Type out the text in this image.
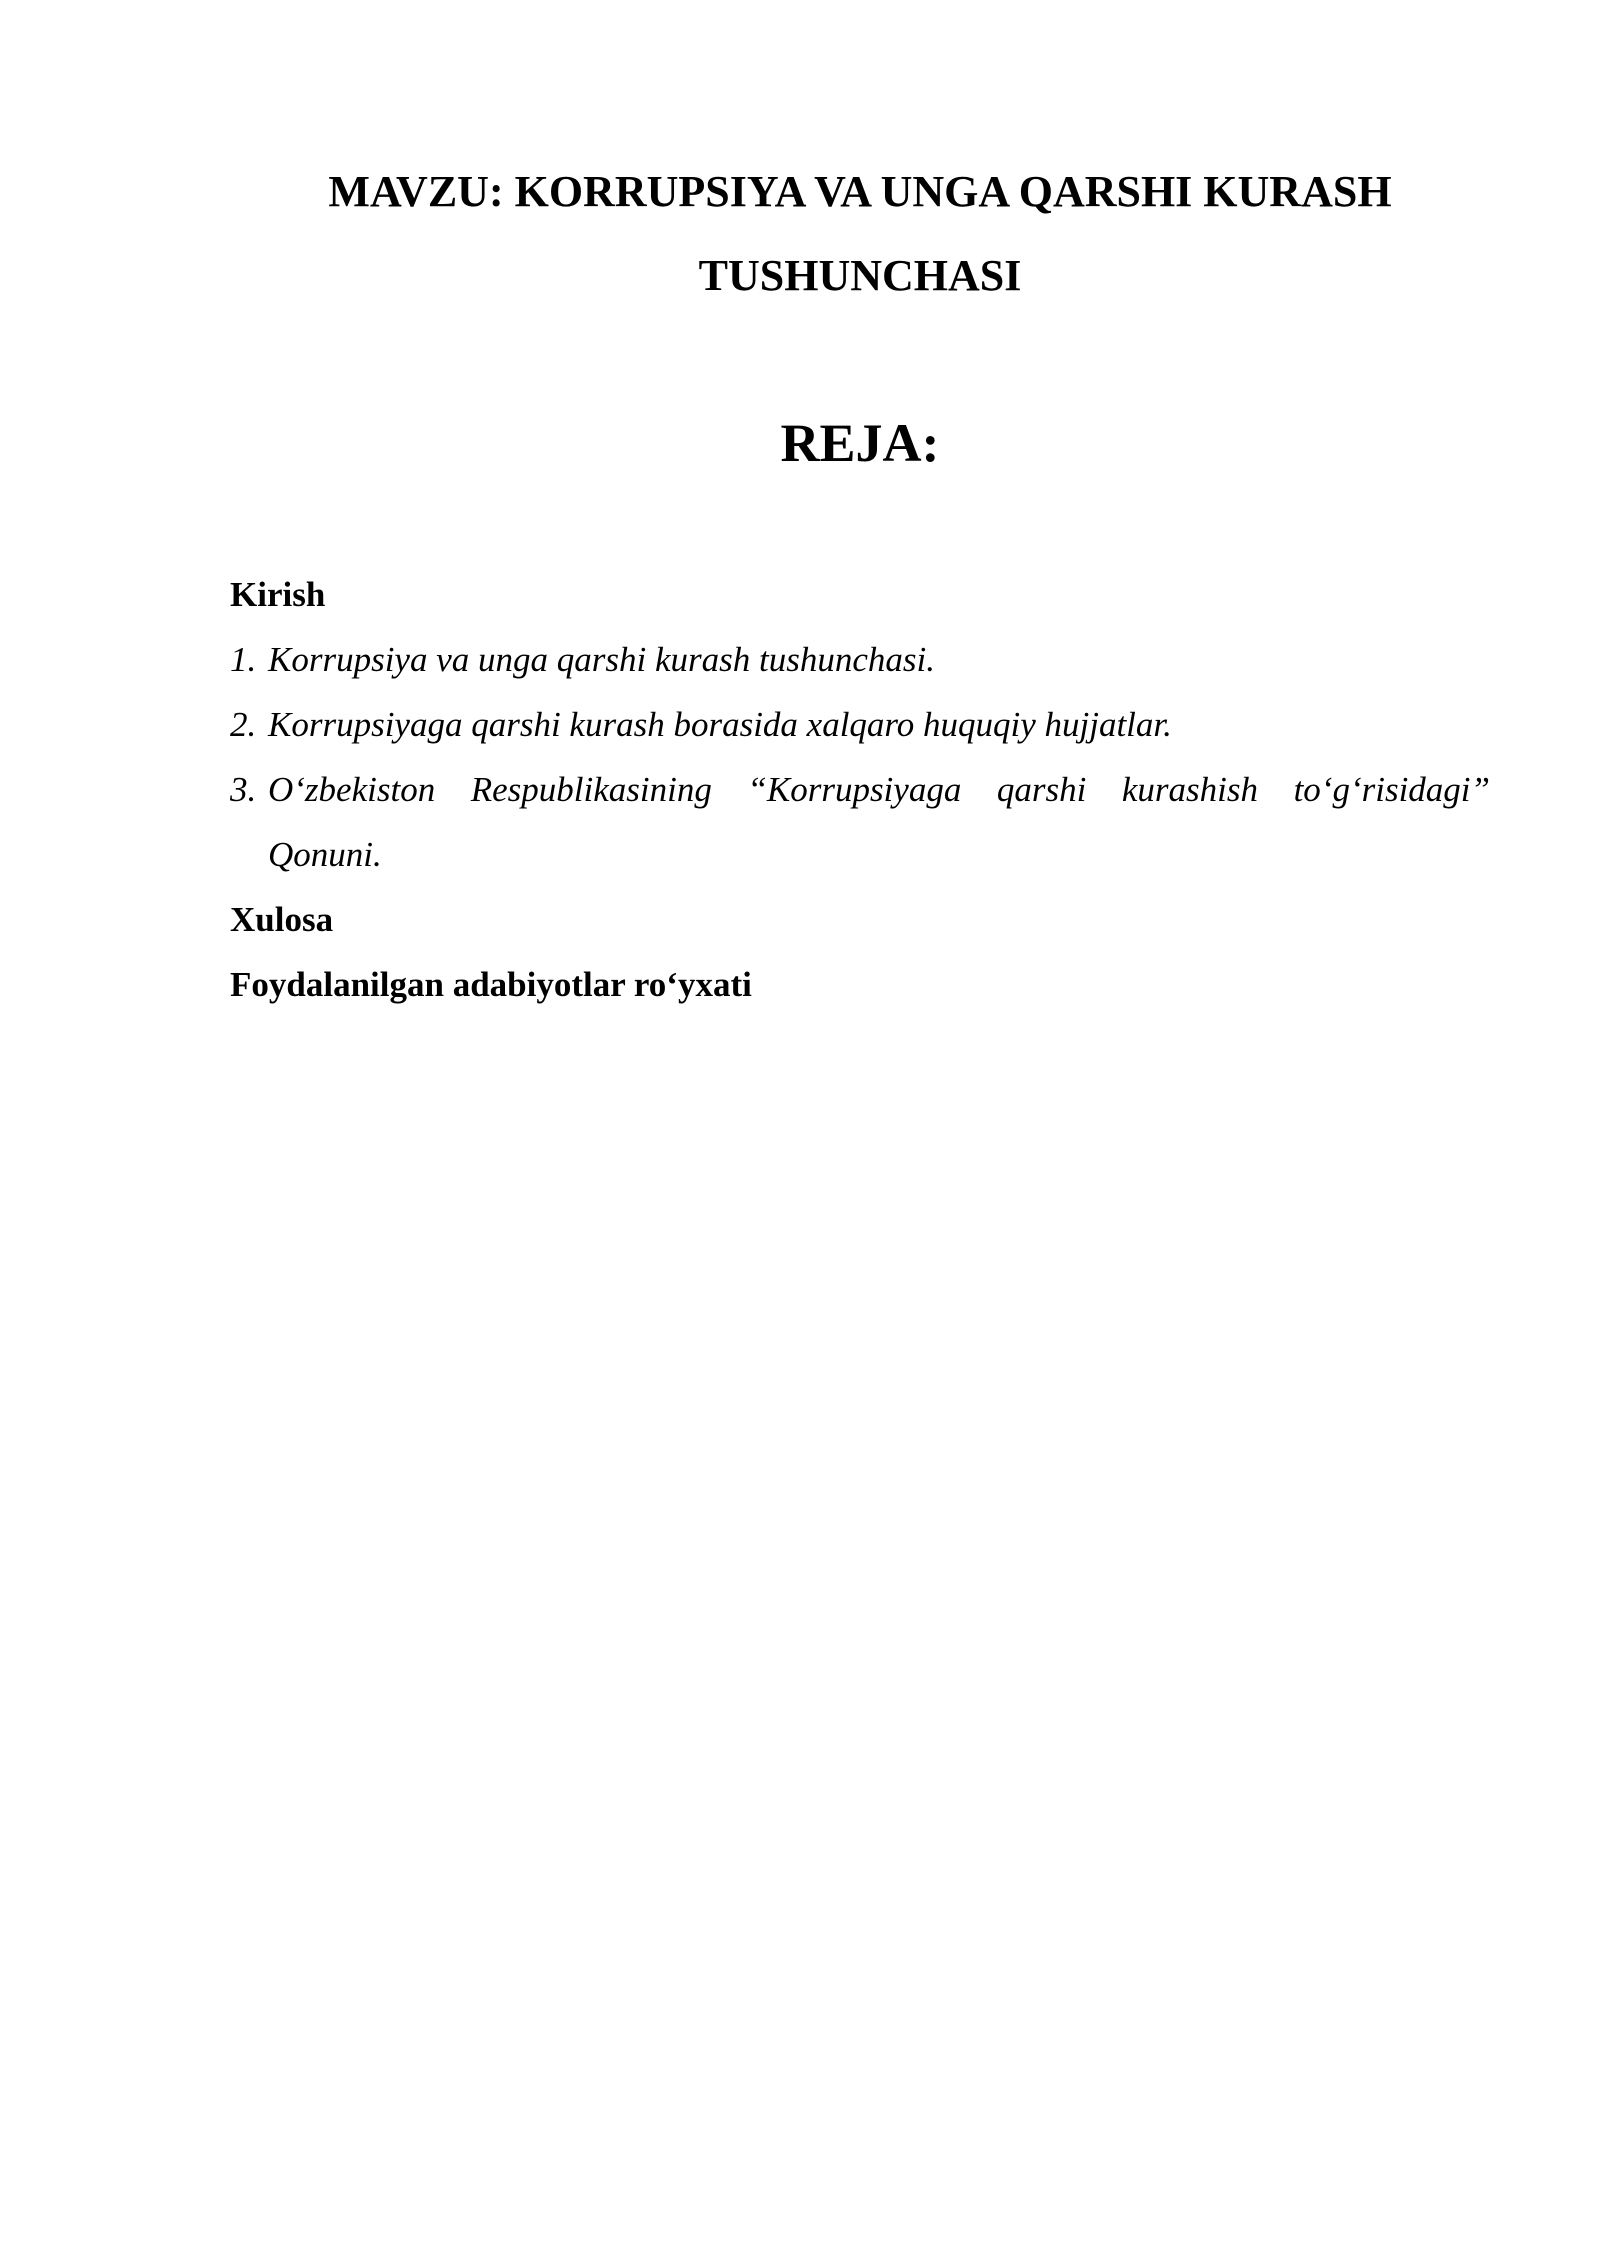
MAVZU: KORRUPSIYA VA UNGA QARSHI KURASH
TUSHUNCHASI
REJA:
Kirish
1. Korrupsiya va unga qarshi kurash tushunchasi.
2. Korrupsiyaga qarshi kurash borasida xalqaro huquqiy hujjatlar.
3. O‘zbekiston Respublikasining “Korrupsiyaga qarshi kurashish to‘g‘risidagi”
Qonuni.
Xulosa
Foydalanilgan adabiyotlar ro‘yxati
